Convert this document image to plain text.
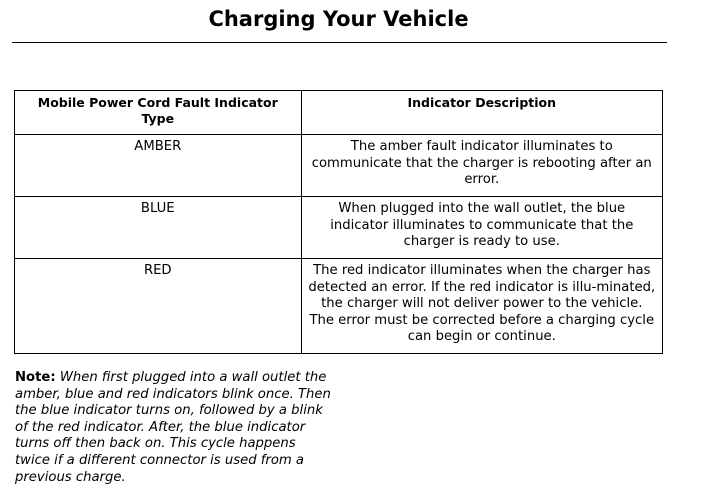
Charging Your Vehicle
Mobile Power Cord Fault Indicator Type	Indicator Description
AMBER	The amber fault indicator illuminates to communicate that the charger is rebooting after an error.
BLUE	When plugged into the wall outlet, the blue indicator illuminates to communicate that the charger is ready to use.
RED	The red indicator illuminates when the charger has detected an error. If the red indicator is illu-minated, the charger will not deliver power to the vehicle. The error must be corrected before a charging cycle can begin or continue.
Note: When first plugged into a wall outlet the amber, blue and red indicators blink once. Then the blue indicator turns on, followed by a blink of the red indicator. After, the blue indicator turns off then back on. This cycle happens twice if a different connector is used from a previous charge.
